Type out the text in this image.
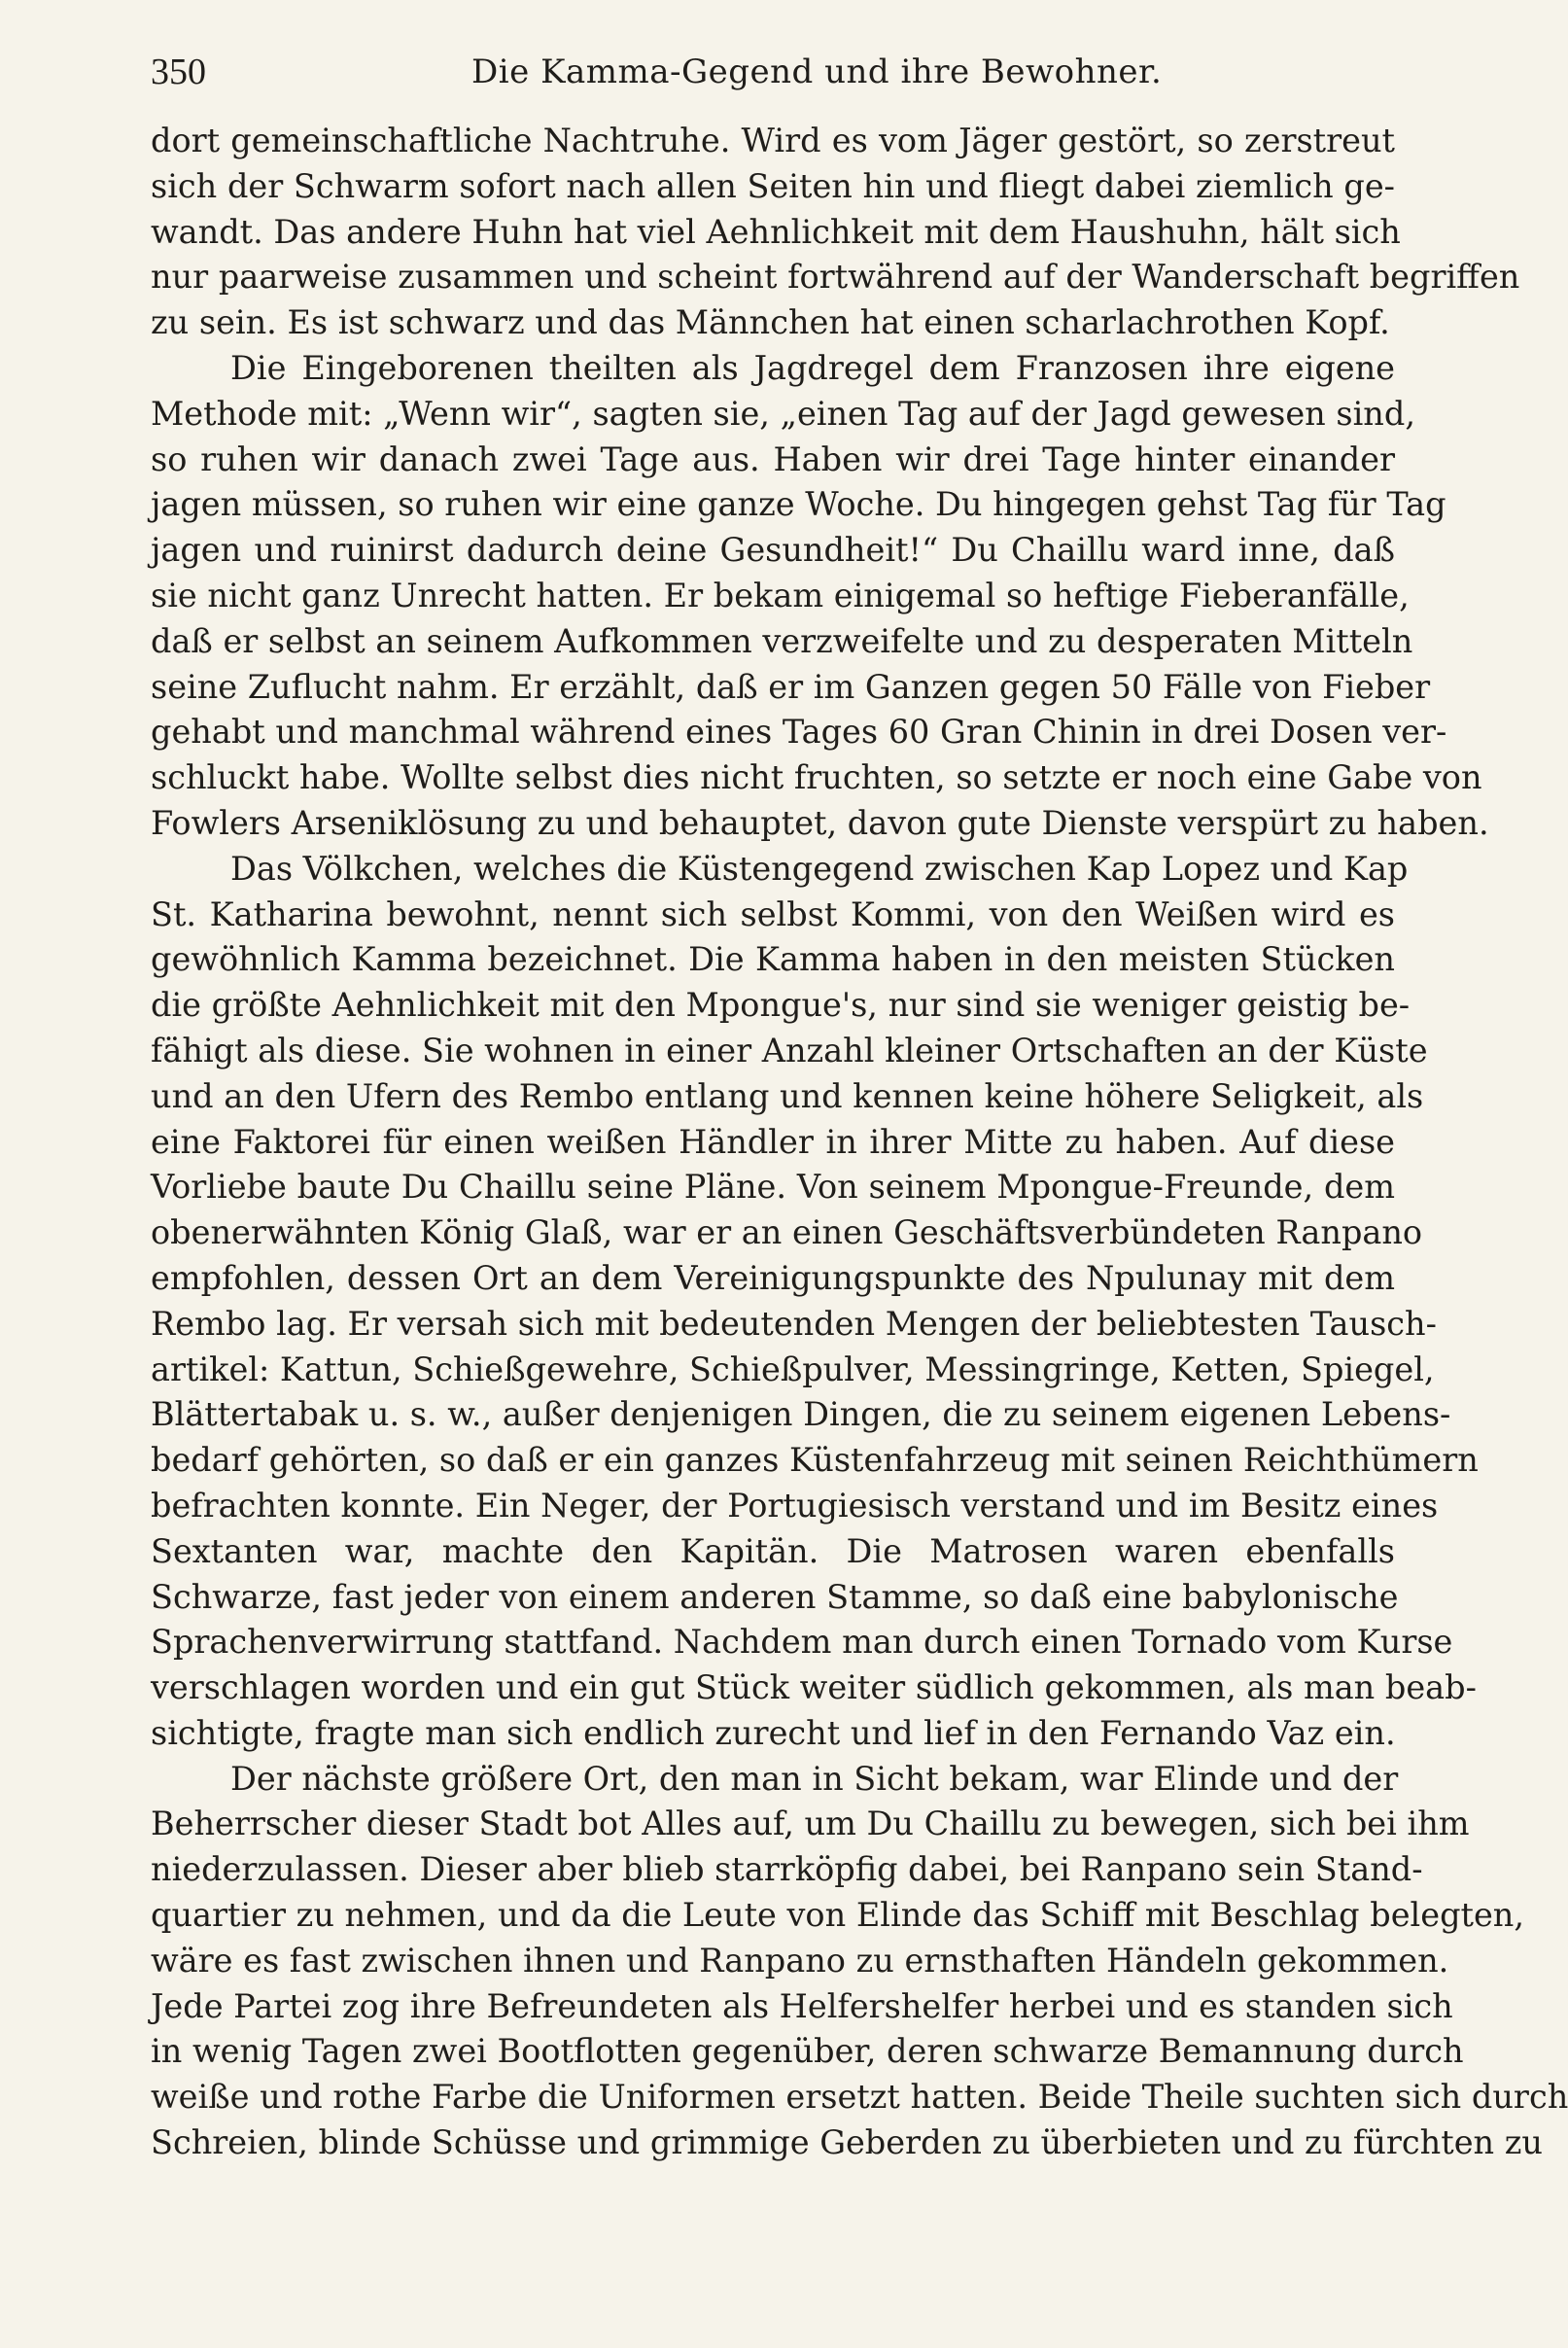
350	Die Kamma-Gegend und ihre Bewohner.
dort gemeinschaftliche Nachtruhe. Wird es vom Jäger gestört, so zerstreut
sich der Schwarm sofort nach allen Seiten hin und fliegt dabei ziemlich ge-
wandt. Das andere Huhn hat viel Aehnlichkeit mit dem Haushuhn, hält sich
nur paarweise zusammen und scheint fortwährend auf der Wanderschaft begriffen
zu sein. Es ist schwarz und das Männchen hat einen scharlachrothen Kopf.
Die Eingeborenen theilten als Jagdregel dem Franzosen ihre eigene
Methode mit: „Wenn wir“, sagten sie, „einen Tag auf der Jagd gewesen sind,
so ruhen wir danach zwei Tage aus. Haben wir drei Tage hinter einander
jagen müssen, so ruhen wir eine ganze Woche. Du hingegen gehst Tag für Tag
jagen und ruinirst dadurch deine Gesundheit!“ Du Chaillu ward inne, daß
sie nicht ganz Unrecht hatten. Er bekam einigemal so heftige Fieberanfälle,
daß er selbst an seinem Aufkommen verzweifelte und zu desperaten Mitteln
seine Zuflucht nahm. Er erzählt, daß er im Ganzen gegen 50 Fälle von Fieber
gehabt und manchmal während eines Tages 60 Gran Chinin in drei Dosen ver-
schluckt habe. Wollte selbst dies nicht fruchten, so setzte er noch eine Gabe von
Fowlers Arseniklösung zu und behauptet, davon gute Dienste verspürt zu haben.
Das Völkchen, welches die Küstengegend zwischen Kap Lopez und Kap
St. Katharina bewohnt, nennt sich selbst Kommi, von den Weißen wird es
gewöhnlich Kamma bezeichnet. Die Kamma haben in den meisten Stücken
die größte Aehnlichkeit mit den Mpongue's, nur sind sie weniger geistig be-
fähigt als diese. Sie wohnen in einer Anzahl kleiner Ortschaften an der Küste
und an den Ufern des Rembo entlang und kennen keine höhere Seligkeit, als
eine Faktorei für einen weißen Händler in ihrer Mitte zu haben. Auf diese
Vorliebe baute Du Chaillu seine Pläne. Von seinem Mpongue-Freunde, dem
obenerwähnten König Glaß, war er an einen Geschäftsverbündeten Ranpano
empfohlen, dessen Ort an dem Vereinigungspunkte des Npulunay mit dem
Rembo lag. Er versah sich mit bedeutenden Mengen der beliebtesten Tausch-
artikel: Kattun, Schießgewehre, Schießpulver, Messingringe, Ketten, Spiegel,
Blättertabak u. s. w., außer denjenigen Dingen, die zu seinem eigenen Lebens-
bedarf gehörten, so daß er ein ganzes Küstenfahrzeug mit seinen Reichthümern
befrachten konnte. Ein Neger, der Portugiesisch verstand und im Besitz eines
Sextanten war, machte den Kapitän. Die Matrosen waren ebenfalls
Schwarze, fast jeder von einem anderen Stamme, so daß eine babylonische
Sprachenverwirrung stattfand. Nachdem man durch einen Tornado vom Kurse
verschlagen worden und ein gut Stück weiter südlich gekommen, als man beab-
sichtigte, fragte man sich endlich zurecht und lief in den Fernando Vaz ein.
Der nächste größere Ort, den man in Sicht bekam, war Elinde und der
Beherrscher dieser Stadt bot Alles auf, um Du Chaillu zu bewegen, sich bei ihm
niederzulassen. Dieser aber blieb starrköpfig dabei, bei Ranpano sein Stand-
quartier zu nehmen, und da die Leute von Elinde das Schiff mit Beschlag belegten,
wäre es fast zwischen ihnen und Ranpano zu ernsthaften Händeln gekommen.
Jede Partei zog ihre Befreundeten als Helfershelfer herbei und es standen sich
in wenig Tagen zwei Bootflotten gegenüber, deren schwarze Bemannung durch
weiße und rothe Farbe die Uniformen ersetzt hatten. Beide Theile suchten sich durch
Schreien, blinde Schüsse und grimmige Geberden zu überbieten und zu fürchten zu
